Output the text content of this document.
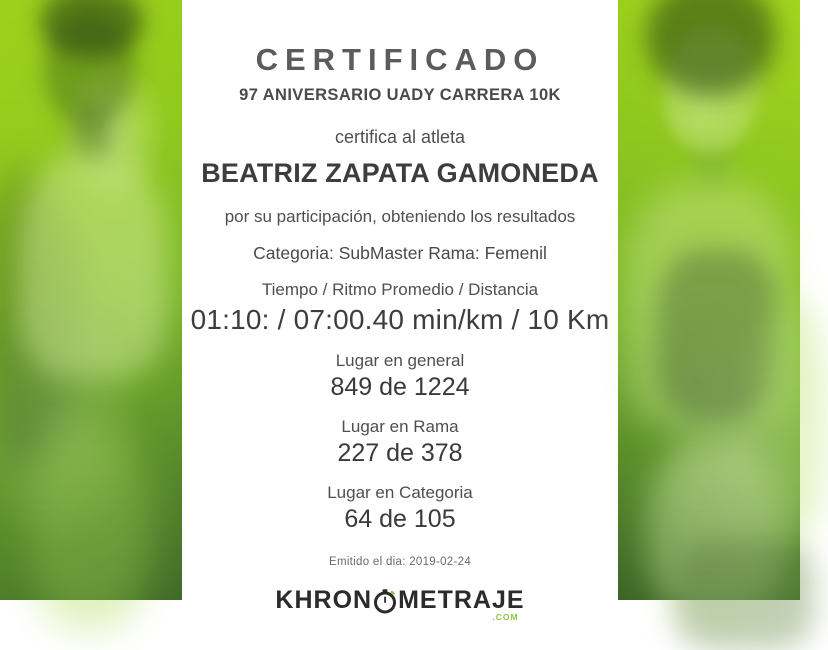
CERTIFICADO
97 ANIVERSARIO UADY CARRERA 10K
certifica al atleta
BEATRIZ ZAPATA GAMONEDA
por su participación, obteniendo los resultados
Categoria: SubMaster Rama: Femenil
Tiempo / Ritmo Promedio / Distancia
01:10: / 07:00.40 min/km / 10 Km
Lugar en general
849 de 1224
Lugar en Rama
227 de 378
Lugar en Categoria
64 de 105
Emitido el dia: 2019-02-24
KHRON METRAJE
.COM
